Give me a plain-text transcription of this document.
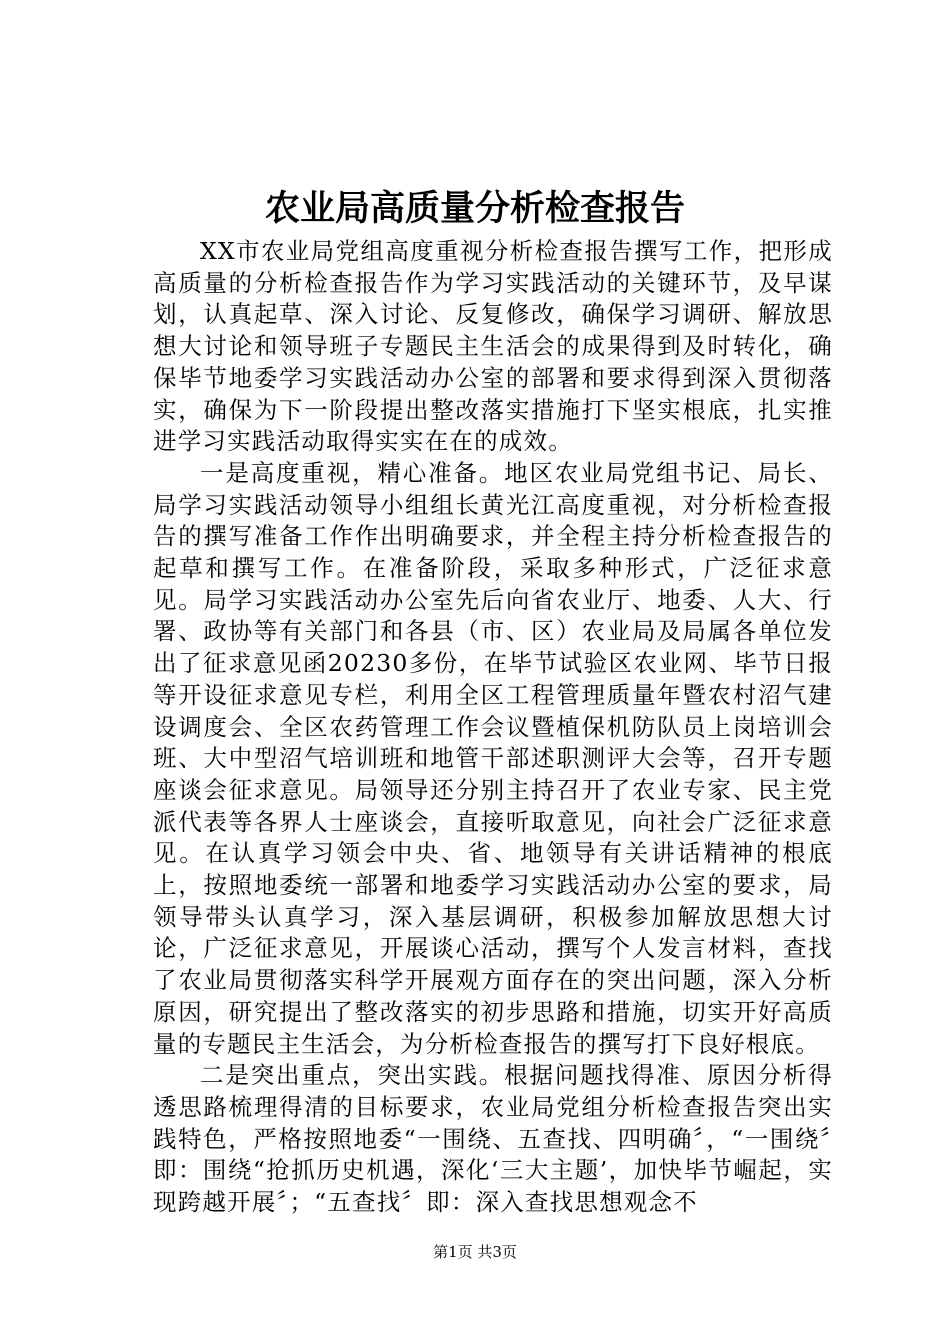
农业局高质量分析检查报告

XX市农业局党组高度重视分析检查报告撰写工作，把形成高质量的分析检查报告作为学习实践活动的关键环节，及早谋划，认真起草、深入讨论、反复修改，确保学习调研、解放思想大讨论和领导班子专题民主生活会的成果得到及时转化，确保毕节地委学习实践活动办公室的部署和要求得到深入贯彻落实，确保为下一阶段提出整改落实措施打下坚实根底，扎实推进学习实践活动取得实实在在的成效。

一是高度重视，精心准备。地区农业局党组书记、局长、局学习实践活动领导小组组长黄光江高度重视，对分析检查报告的撰写准备工作作出明确要求，并全程主持分析检查报告的起草和撰写工作。在准备阶段，采取多种形式，广泛征求意见。局学习实践活动办公室先后向省农业厅、地委、人大、行署、政协等有关部门和各县（市、区）农业局及局属各单位发出了征求意见函20230多份，在毕节试验区农业网、毕节日报等开设征求意见专栏，利用全区工程管理质量年暨农村沼气建设调度会、全区农药管理工作会议暨植保机防队员上岗培训会班、大中型沼气培训班和地管干部述职测评大会等，召开专题座谈会征求意见。局领导还分别主持召开了农业专家、民主党派代表等各界人士座谈会，直接听取意见，向社会广泛征求意见。在认真学习领会中央、省、地领导有关讲话精神的根底上，按照地委统一部署和地委学习实践活动办公室的要求，局领导带头认真学习，深入基层调研，积极参加解放思想大讨论，广泛征求意见，开展谈心活动，撰写个人发言材料，查找了农业局贯彻落实科学开展观方面存在的突出问题，深入分析原因，研究提出了整改落实的初步思路和措施，切实开好高质量的专题民主生活会，为分析检查报告的撰写打下良好根底。

二是突出重点，突出实践。根据问题找得准、原因分析得透思路梳理得清的目标要求，农业局党组分析检查报告突出实践特色，严格按照地委“一围绕、五查找、四明确〞，“一围绕〞即：围绕“抢抓历史机遇，深化‘三大主题’，加快毕节崛起，实现跨越开展〞；“五查找〞即：深入查找思想观念不

第1页 共3页
